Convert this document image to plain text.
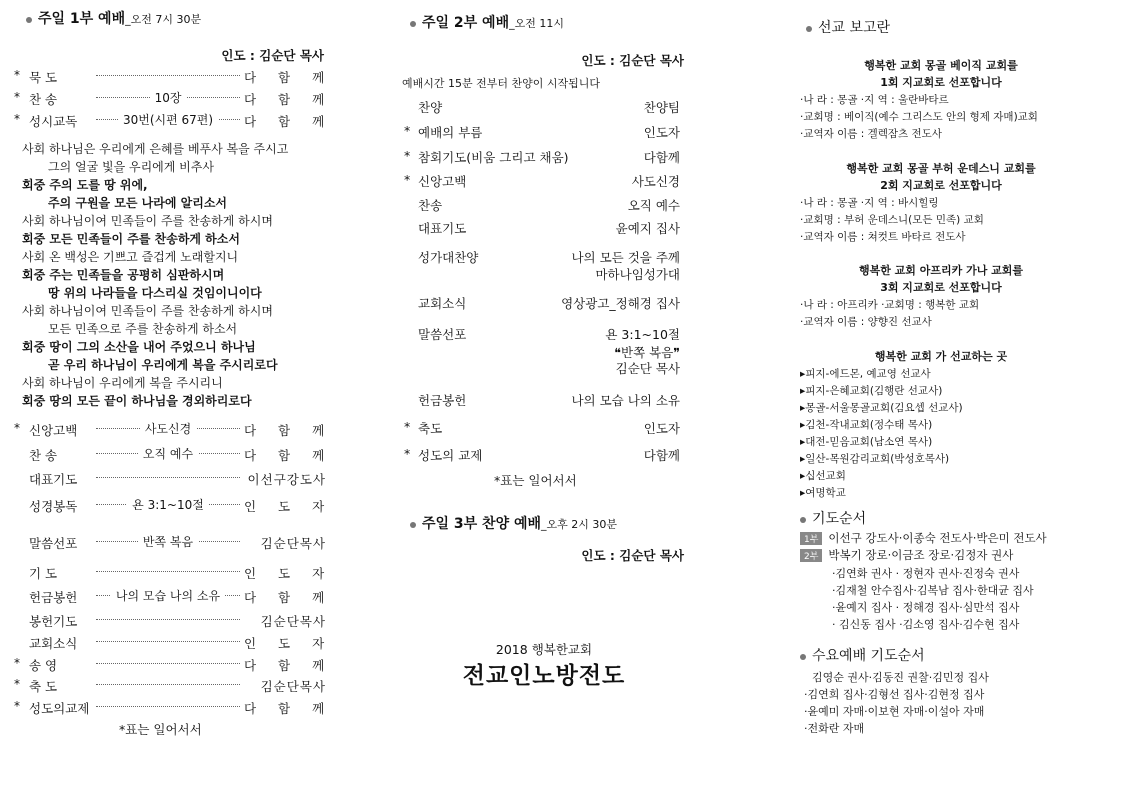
주일 1부 예배_오전 7시 30분
인도 : 김순단 목사
* 묵 도	다 함 께
* 찬 송	10장	다 함 께
* 성시교독	30번(시편 67편)	다 함 께
사회 하나님은 우리에게 은혜를 베푸사 복을 주시고
그의 얼굴 빛을 우리에게 비추사
회중 주의 도를 땅 위에,
주의 구원을 모든 나라에 알리소서
사회 하나님이여 민족들이 주를 찬송하게 하시며
회중 모든 민족들이 주를 찬송하게 하소서
사회 온 백성은 기쁘고 즐겁게 노래할지니
회중 주는 민족들을 공평히 심판하시며
땅 위의 나라들을 다스리실 것임이니이다
사회 하나님이여 민족들이 주를 찬송하게 하시며
모든 민족으로 주를 찬송하게 하소서
회중 땅이 그의 소산을 내어 주었으니 하나님
곧 우리 하나님이 우리에게 복을 주시리로다
사회 하나님이 우리에게 복을 주시리니
회중 땅의 모든 끝이 하나님을 경외하리로다
* 신앙고백	사도신경	다 함 께
찬 송	오직 예수	다 함 께
대표기도	이선구강도사
성경봉독	욘 3:1~10절	인 도 자
말씀선포	반쪽 복음	김순단목사
기 도	인 도 자
헌금봉헌	나의 모습 나의 소유	다 함 께
봉헌기도	김순단목사
교회소식	인 도 자
* 송 영	다 함 께
* 축 도	김순단목사
* 성도의교제	다 함 께
*표는 일어서서
주일 2부 예배_오전 11시
인도 : 김순단 목사
예배시간 15분 전부터 찬양이 시작됩니다
찬양	찬양팀
* 예배의 부름	인도자
* 참회기도(비움 그리고 채움)	다함께
* 신앙고백	사도신경
찬송	오직 예수
대표기도	윤예지 집사
성가대찬양	나의 모든 것을 주께
마하나임성가대
교회소식	영상광고_정해경 집사
말씀선포	욘 3:1~10절
❝반쪽 복음❞
김순단 목사
헌금봉헌	나의 모습 나의 소유
* 축도	인도자
* 성도의 교제	다함께
*표는 일어서서
주일 3부 찬양 예배_오후 2시 30분
인도 : 김순단 목사
2018 행복한교회
전교인노방전도
선교 보고란
행복한 교회 몽골 베이직 교회를
1회 지교회로 선포합니다
·나 라 : 몽골 ·지 역 : 울란바타르
·교회명 : 베이직(예수 그리스도 안의 형제 자매)교회
·교역자 이름 : 겔렉잠츠 전도사
행복한 교회 몽골 부허 운데스니 교회를
2회 지교회로 선포합니다
·나 라 : 몽골 ·지 역 : 바시힐링
·교회명 : 부허 운데스니(모든 민족) 교회
·교역자 이름 : 쳐컷트 바타르 전도사
행복한 교회 아프리카 가나 교회를
3회 지교회로 선포합니다
·나 라 : 아프리카 ·교회명 : 행복한 교회
·교역자 이름 : 양향진 선교사
행복한 교회 가 선교하는 곳
▸피지-에드몬, 예교영 선교사
▸피지-은혜교회(김행란 선교사)
▸몽골-서울몽골교회(김요셉 선교사)
▸김천-작내교회(정수태 목사)
▸대전-믿음교회(남소연 목사)
▸일산-목원감리교회(박성호목사)
▸십선교회
▸여명학교
기도순서
1부 이선구 강도사·이종숙 전도사·박은미 전도사
2부 박복기 장로·이금조 장로·김정자 권사
·김연화 권사 · 정현자 권사·진정숙 권사
·김재철 안수집사·김복남 집사·한대균 집사
·윤예지 집사 · 정해경 집사·심만석 집사
· 김신동 집사 ·김소영 집사·김수현 집사
수요예배 기도순서
김영순 권사·김동진 권찰·김민정 집사
·김연희 집사·김형선 집사·김현정 집사
·윤예미 자매·이보현 자매·이설아 자매
·전화란 자매
